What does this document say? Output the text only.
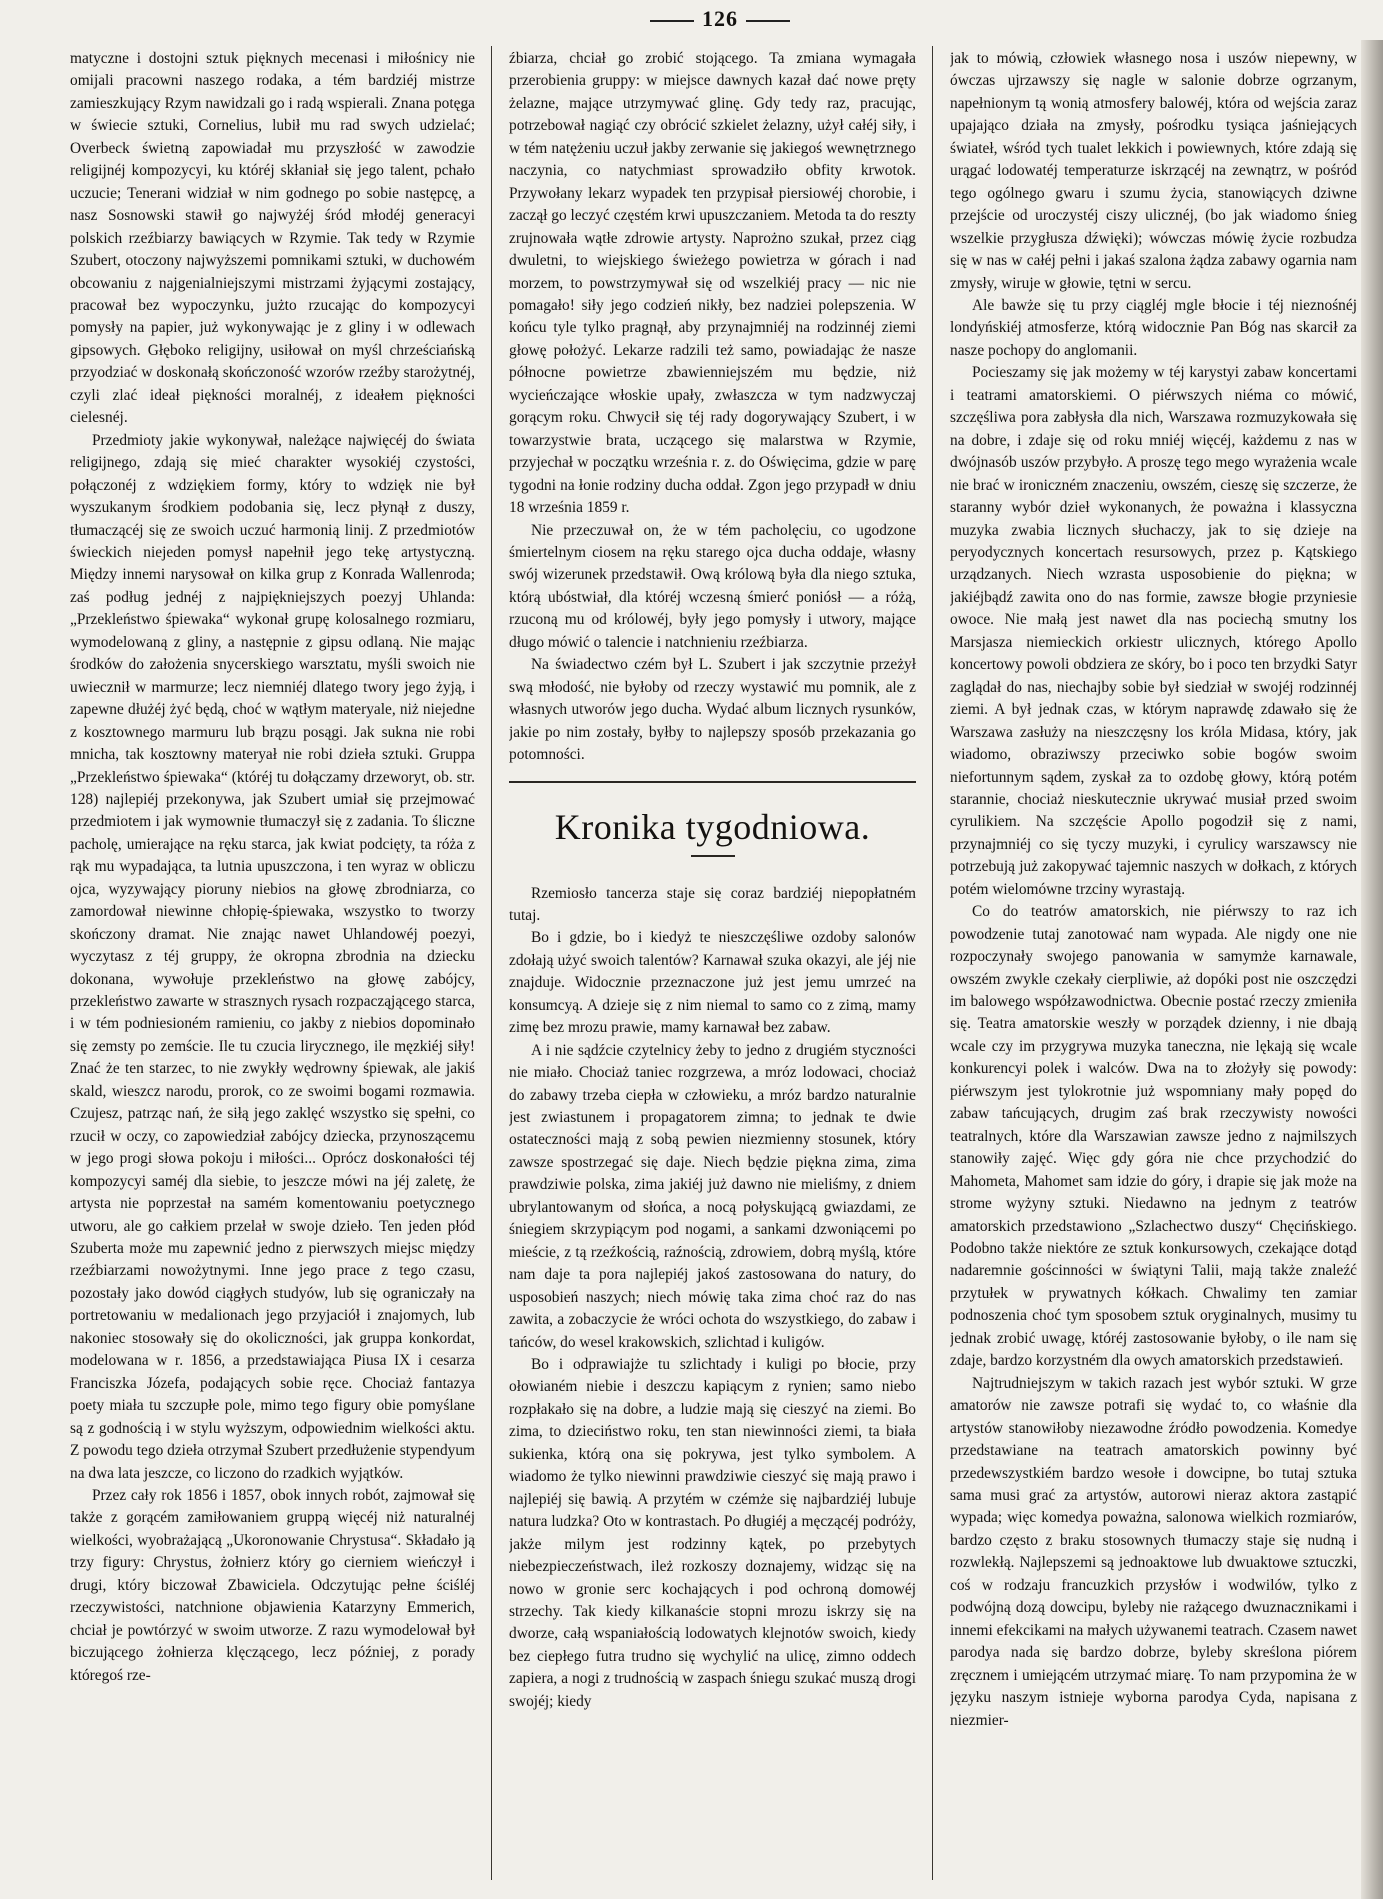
126

matyczne i dostojni sztuk pięknych mecenasi i miłośnicy nie omijali pracowni naszego rodaka, a tém bardziéj mistrze zamieszkujący Rzym nawidzali go i radą wspierali. Znana potęga w świecie sztuki, Cornelius, lubił mu rad swych udzielać; Overbeck świetną zapowiadał mu przyszłość w zawodzie religijnéj kompozycyi, ku któréj skłaniał się jego talent, pchało uczucie; Tenerani widział w nim godnego po sobie następcę, a nasz Sosnowski stawił go najwyżéj śród młodéj generacyi polskich rzeźbiarzy bawiących w Rzymie. Tak tedy w Rzymie Szubert, otoczony najwyższemi pomnikami sztuki, w duchowém obcowaniu z najgenialniejszymi mistrzami żyjącymi zostający, pracował bez wypoczynku, jużto rzucając do kompozycyi pomysły na papier, już wykonywając je z gliny i w odlewach gipsowych. Głęboko religijny, usiłował on myśl chrześciańską przyodziać w doskonałą skończoność wzorów rzeźby starożytnéj, czyli zlać ideał piękności moralnéj, z ideałem piękności cielesnéj.

Przedmioty jakie wykonywał, należące najwięcéj do świata religijnego, zdają się mieć charakter wysokiéj czystości, połączonéj z wdziękiem formy, który to wdzięk nie był wyszukanym środkiem podobania się, lecz płynął z duszy, tłumaczącéj się ze swoich uczuć harmonią linij. Z przedmiotów świeckich niejeden pomysł napełnił jego tekę artystyczną. Między innemi narysował on kilka grup z Konrada Wallenroda; zaś podług jednéj z najpiękniejszych poezyj Uhlanda: „Przekleństwo śpiewaka“ wykonał grupę kolosalnego rozmiaru, wymodelowaną z gliny, a następnie z gipsu odlaną. Nie mając środków do założenia snycerskiego warsztatu, myśli swoich nie uwiecznił w marmurze; lecz niemniéj dlatego twory jego żyją, i zapewne dłużéj żyć będą, choć w wątłym materyale, niż niejedne z kosztownego marmuru lub brązu posągi. Jak sukna nie robi mnicha, tak kosztowny materyał nie robi dzieła sztuki. Gruppa „Przekleństwo śpiewaka“ (któréj tu dołączamy drzeworyt, ob. str. 128) najlepiéj przekonywa, jak Szubert umiał się przejmować przedmiotem i jak wymownie tłumaczył się z zadania. To śliczne pacholę, umierające na ręku starca, jak kwiat podcięty, ta róża z rąk mu wypadająca, ta lutnia upuszczona, i ten wyraz w obliczu ojca, wyzywający pioruny niebios na głowę zbrodniarza, co zamordował niewinne chłopię-śpiewaka, wszystko to tworzy skończony dramat. Nie znając nawet Uhlandowéj poezyi, wyczytasz z téj gruppy, że okropna zbrodnia na dziecku dokonana, wywołuje przekleństwo na głowę zabójcy, przekleństwo zawarte w strasznych rysach rozpacząjącego starca, i w tém podniesioném ramieniu, co jakby z niebios dopominało się zemsty po zemście. Ile tu czucia lirycznego, ile męzkiéj siły! Znać że ten starzec, to nie zwykły wędrowny śpiewak, ale jakiś skald, wieszcz narodu, prorok, co ze swoimi bogami rozmawia. Czujesz, patrząc nań, że siłą jego zaklęć wszystko się spełni, co rzucił w oczy, co zapowiedział zabójcy dziecka, przynoszącemu w jego progi słowa pokoju i miłości... Oprócz doskonałości téj kompozycyi saméj dla siebie, to jeszcze mówi na jéj zaletę, że artysta nie poprzestał na samém komentowaniu poetycznego utworu, ale go całkiem przelał w swoje dzieło. Ten jeden płód Szuberta może mu zapewnić jedno z pierwszych miejsc między rzeźbiarzami nowożytnymi. Inne jego prace z tego czasu, pozostały jako dowód ciągłych studyów, lub się ograniczały na portretowaniu w medalionach jego przyjaciół i znajomych, lub nakoniec stosowały się do okoliczności, jak gruppa konkordat, modelowana w r. 1856, a przedstawiająca Piusa IX i cesarza Franciszka Józefa, podających sobie ręce. Chociaż fantazya poety miała tu szczupłe pole, mimo tego figury obie pomyślane są z godnością i w stylu wyższym, odpowiednim wielkości aktu. Z powodu tego dzieła otrzymał Szubert przedłużenie stypendyum na dwa lata jeszcze, co liczono do rzadkich wyjątków.

Przez cały rok 1856 i 1857, obok innych robót, zajmował się także z gorącém zamiłowaniem gruppą więcéj niż naturalnéj wielkości, wyobrażającą „Ukoronowanie Chrystusa“. Składało ją trzy figury: Chrystus, żołnierz który go cierniem wieńczył i drugi, który biczował Zbawiciela. Odczytując pełne ściśléj rzeczywistości, natchnione objawienia Katarzyny Emmerich, chciał je powtórzyć w swoim utworze. Z razu wymodelował był biczującego żołnierza klęczącego, lecz później, z porady któregoś rze-

źbiarza, chciał go zrobić stojącego. Ta zmiana wymagała przerobienia gruppy: w miejsce dawnych kazał dać nowe pręty żelazne, mające utrzymywać glinę. Gdy tedy raz, pracując, potrzebował nagiąć czy obrócić szkielet żelazny, użył całéj siły, i w tém natężeniu uczuł jakby zerwanie się jakiegoś wewnętrznego naczynia, co natychmiast sprowadziło obfity krwotok. Przywołany lekarz wypadek ten przypisał piersiowéj chorobie, i zaczął go leczyć częstém krwi upuszczaniem. Metoda ta do reszty zrujnowała wątłe zdrowie artysty. Naprożno szukał, przez ciąg dwuletni, to wiejskiego świeżego powietrza w górach i nad morzem, to powstrzymywał się od wszelkiéj pracy — nic nie pomagało! siły jego codzień nikły, bez nadziei polepszenia. W końcu tyle tylko pragnął, aby przynajmniéj na rodzinnéj ziemi głowę położyć. Lekarze radzili też samo, powiadając że nasze północne powietrze zbawienniejszém mu będzie, niż wycieńczające włoskie upały, zwłaszcza w tym nadzwyczaj gorącym roku. Chwycił się téj rady dogorywający Szubert, i w towarzystwie brata, uczącego się malarstwa w Rzymie, przyjechał w początku września r. z. do Oświęcima, gdzie w parę tygodni na łonie rodziny ducha oddał. Zgon jego przypadł w dniu 18 września 1859 r.

Nie przeczuwał on, że w tém pacholęciu, co ugodzone śmiertelnym ciosem na ręku starego ojca ducha oddaje, własny swój wizerunek przedstawił. Ową królową była dla niego sztuka, którą ubóstwiał, dla któréj wczesną śmierć poniósł — a różą, rzuconą mu od królowéj, były jego pomysły i utwory, mające długo mówić o talencie i natchnieniu rzeźbiarza.

Na świadectwo czém był L. Szubert i jak szczytnie przeżył swą młodość, nie byłoby od rzeczy wystawić mu pomnik, ale z własnych utworów jego ducha. Wydać album licznych rysunków, jakie po nim zostały, byłby to najlepszy sposób przekazania go potomności.

Kronika tygodniowa.

Rzemiosło tancerza staje się coraz bardziéj niepopłatném tutaj.

Bo i gdzie, bo i kiedyż te nieszczęśliwe ozdoby salonów zdołają użyć swoich talentów? Karnawał szuka okazyi, ale jéj nie znajduje. Widocznie przeznaczone już jest jemu umrzeć na konsumcyą. A dzieje się z nim niemal to samo co z zimą, mamy zimę bez mrozu prawie, mamy karnawał bez zabaw.

A i nie sądźcie czytelnicy żeby to jedno z drugiém styczności nie miało. Chociaż taniec rozgrzewa, a mróz lodowaci, chociaż do zabawy trzeba ciepła w człowieku, a mróz bardzo naturalnie jest zwiastunem i propagatorem zimna; to jednak te dwie ostateczności mają z sobą pewien niezmienny stosunek, który zawsze spostrzegać się daje. Niech będzie piękna zima, zima prawdziwie polska, zima jakiéj już dawno nie mieliśmy, z dniem ubrylantowanym od słońca, a nocą połyskującą gwiazdami, ze śniegiem skrzypiącym pod nogami, a sankami dzwoniącemi po mieście, z tą rzeźkością, raźnością, zdrowiem, dobrą myślą, które nam daje ta pora najlepiéj jakoś zastosowana do natury, do usposobień naszych; niech mówię taka zima choć raz do nas zawita, a zobaczycie że wróci ochota do wszystkiego, do zabaw i tańców, do wesel krakowskich, szlichtad i kuligów.

Bo i odprawiajże tu szlichtady i kuligi po błocie, przy ołowianém niebie i deszczu kapiącym z rynien; samo niebo rozpłakało się na dobre, a ludzie mają się cieszyć na ziemi. Bo zima, to dzieciństwo roku, ten stan niewinności ziemi, ta biała sukienka, którą ona się pokrywa, jest tylko symbolem. A wiadomo że tylko niewinni prawdziwie cieszyć się mają prawo i najlepiéj się bawią. A przytém w czémże się najbardziéj lubuje natura ludzka? Oto w kontrastach. Po długiéj a męczącéj podróży, jakże milym jest rodzinny kątek, po przebytych niebezpieczeństwach, ileż rozkoszy doznajemy, widząc się na nowo w gronie serc kochających i pod ochroną domowéj strzechy. Tak kiedy kilkanaście stopni mrozu iskrzy się na dworze, całą wspaniałością lodowatych klejnotów swoich, kiedy bez ciepłego futra trudno się wychylić na ulicę, zimno oddech zapiera, a nogi z trudnością w zaspach śniegu szukać muszą drogi swojéj; kiedy

jak to mówią, człowiek własnego nosa i uszów niepewny, w ówczas ujrzawszy się nagle w salonie dobrze ogrzanym, napełnionym tą wonią atmosfery balowéj, która od wejścia zaraz upajająco działa na zmysły, pośrodku tysiąca jaśniejących świateł, wśród tych tualet lekkich i powiewnych, które zdają się urągać lodowatéj temperaturze iskrzącéj na zewnątrz, w pośród tego ogólnego gwaru i szumu życia, stanowiących dziwne przejście od uroczystéj ciszy ulicznéj, (bo jak wiadomo śnieg wszelkie przygłusza dźwięki); wówczas mówię życie rozbudza się w nas w całéj pełni i jakaś szalona żądza zabawy ogarnia nam zmysły, wiruje w głowie, tętni w sercu.

Ale bawże się tu przy ciągléj mgle błocie i téj nieznośnéj londyńskiéj atmosferze, którą widocznie Pan Bóg nas skarcił za nasze pochopy do anglomanii.

Pocieszamy się jak możemy w téj karystyi zabaw koncertami i teatrami amatorskiemi. O piérwszych niéma co mówić, szczęśliwa pora zabłysła dla nich, Warszawa rozmuzykowała się na dobre, i zdaje się od roku mniéj więcéj, każdemu z nas w dwójnasób uszów przybyło. A proszę tego mego wyrażenia wcale nie brać w ironiczném znaczeniu, owszém, cieszę się szczerze, że staranny wybór dzieł wykonanych, że poważna i klassyczna muzyka zwabia licznych słuchaczy, jak to się dzieje na peryodycznych koncertach resursowych, przez p. Kątskiego urządzanych. Niech wzrasta usposobienie do piękna; w jakiéjbądź zawita ono do nas formie, zawsze błogie przyniesie owoce. Nie małą jest nawet dla nas pociechą smutny los Marsjasza niemieckich orkiestr ulicznych, którego Apollo koncertowy powoli obdziera ze skóry, bo i poco ten brzydki Satyr zaglądał do nas, niechajby sobie był siedział w swojéj rodzinnéj ziemi. A był jednak czas, w którym naprawdę zdawało się że Warszawa zasłuży na nieszczęsny los króla Midasa, który, jak wiadomo, obraziwszy przeciwko sobie bogów swoim niefortunnym sądem, zyskał za to ozdobę głowy, którą potém starannie, chociaż nieskutecznie ukrywać musiał przed swoim cyrulikiem. Na szczęście Apollo pogodził się z nami, przynajmniéj co się tyczy muzyki, i cyrulicy warszawscy nie potrzebują już zakopywać tajemnic naszych w dołkach, z których potém wielomówne trzciny wyrastają.

Co do teatrów amatorskich, nie piérwszy to raz ich powodzenie tutaj zanotować nam wypada. Ale nigdy one nie rozpoczynały swojego panowania w samymże karnawale, owszém zwykle czekały cierpliwie, aż dopóki post nie oszczędzi im balowego współzawodnictwa. Obecnie postać rzeczy zmieniła się. Teatra amatorskie weszły w porządek dzienny, i nie dbają wcale czy im przygrywa muzyka taneczna, nie lękają się wcale konkurencyi polek i walców. Dwa na to złożyły się powody: piérwszym jest tylokrotnie już wspomniany mały popęd do zabaw tańcujących, drugim zaś brak rzeczywisty nowości teatralnych, które dla Warszawian zawsze jedno z najmilszych stanowiły zajęć. Więc gdy góra nie chce przychodzić do Mahometa, Mahomet sam idzie do góry, i drapie się jak może na strome wyżyny sztuki. Niedawno na jednym z teatrów amatorskich przedstawiono „Szlachectwo duszy“ Chęcińskiego. Podobno także niektóre ze sztuk konkursowych, czekające dotąd nadaremnie gościnności w świątyni Talii, mają także znaleźć przytułek w prywatnych kółkach. Chwalimy ten zamiar podnoszenia choć tym sposobem sztuk oryginalnych, musimy tu jednak zrobić uwagę, któréj zastosowanie byłoby, o ile nam się zdaje, bardzo korzystném dla owych amatorskich przedstawień.

Najtrudniejszym w takich razach jest wybór sztuki. W grze amatorów nie zawsze potrafi się wydać to, co właśnie dla artystów stanowiłoby niezawodne źródło powodzenia. Komedye przedstawiane na teatrach amatorskich powinny być przedewszystkiém bardzo wesołe i dowcipne, bo tutaj sztuka sama musi grać za artystów, autorowi nieraz aktora zastąpić wypada; więc komedya poważna, salonowa wielkich rozmiarów, bardzo często z braku stosownych tłumaczy staje się nudną i rozwlekłą. Najlepszemi są jednoaktowe lub dwuaktowe sztuczki, coś w rodzaju francuzkich przysłów i wodwilów, tylko z podwójną dozą dowcipu, byleby nie rażącego dwuznacznikami i innemi efekcikami na małych używanemi teatrach. Czasem nawet parodya nada się bardzo dobrze, byleby skreślona piórem zręcznem i umiejącém utrzymać miarę. To nam przypomina że w języku naszym istnieje wyborna parodya Cyda, napisana z niezmier-
